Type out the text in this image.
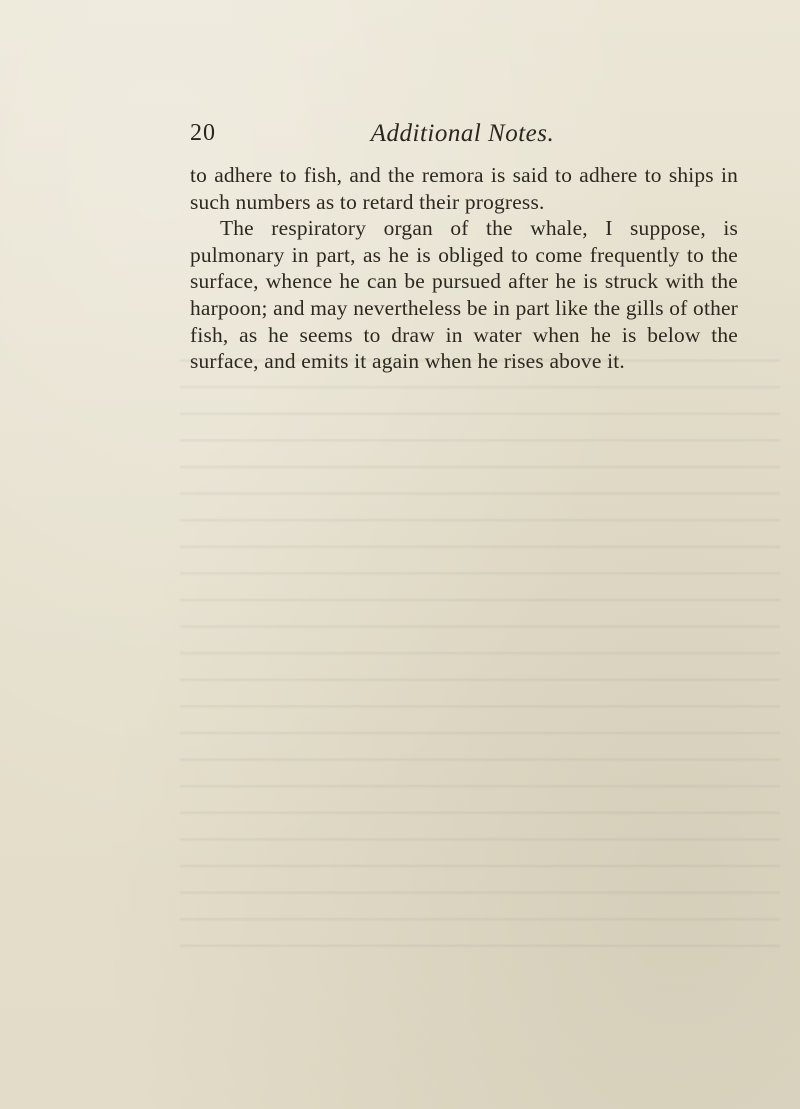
20	Additional Notes.

to adhere to fish, and the remora is said to adhere to ships in such numbers as to retard their progress.

The respiratory organ of the whale, I suppose, is pulmonary in part, as he is obliged to come frequently to the surface, whence he can be pursued after he is struck with the harpoon; and may nevertheless be in part like the gills of other fish, as he seems to draw in water when he is below the surface, and emits it again when he rises above it.
